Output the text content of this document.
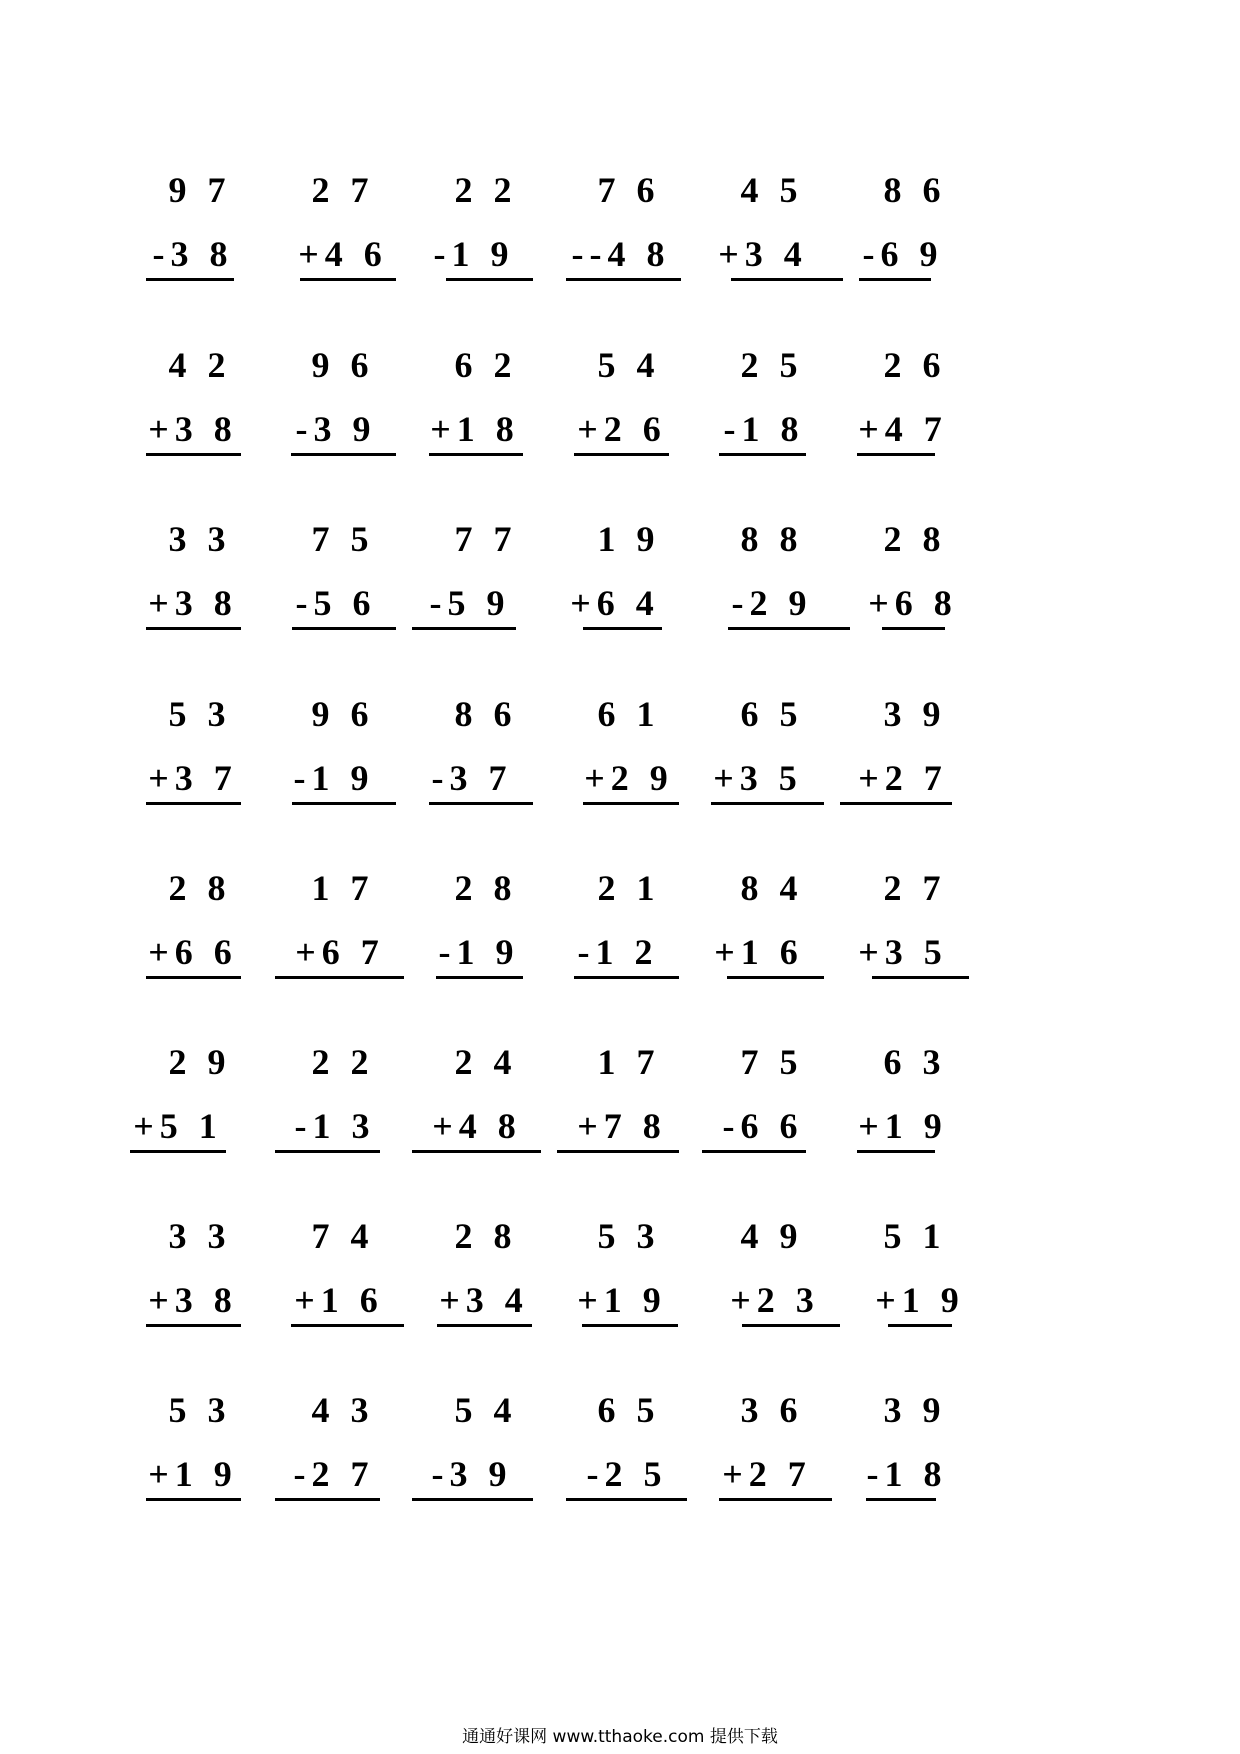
9 7
-3 8
2 7
+4 6
2 2
-1 9
7 6
--4 8
4 5
+3 4
8 6
-6 9
4 2
+3 8
9 6
-3 9
6 2
+1 8
5 4
+2 6
2 5
-1 8
2 6
+4 7
3 3
+3 8
7 5
-5 6
7 7
-5 9
1 9
+6 4
8 8
-2 9
2 8
+6 8
5 3
+3 7
9 6
-1 9
8 6
-3 7
6 1
+2 9
6 5
+3 5
3 9
+2 7
2 8
+6 6
1 7
+6 7
2 8
-1 9
2 1
-1 2
8 4
+1 6
2 7
+3 5
2 9
+5 1
2 2
-1 3
2 4
+4 8
1 7
+7 8
7 5
-6 6
6 3
+1 9
3 3
+3 8
7 4
+1 6
2 8
+3 4
5 3
+1 9
4 9
+2 3
5 1
+1 9
5 3
+1 9
4 3
-2 7
5 4
-3 9
6 5
-2 5
3 6
+2 7
3 9
-1 8
通通好课网 www.tthaoke.com 提供下载
